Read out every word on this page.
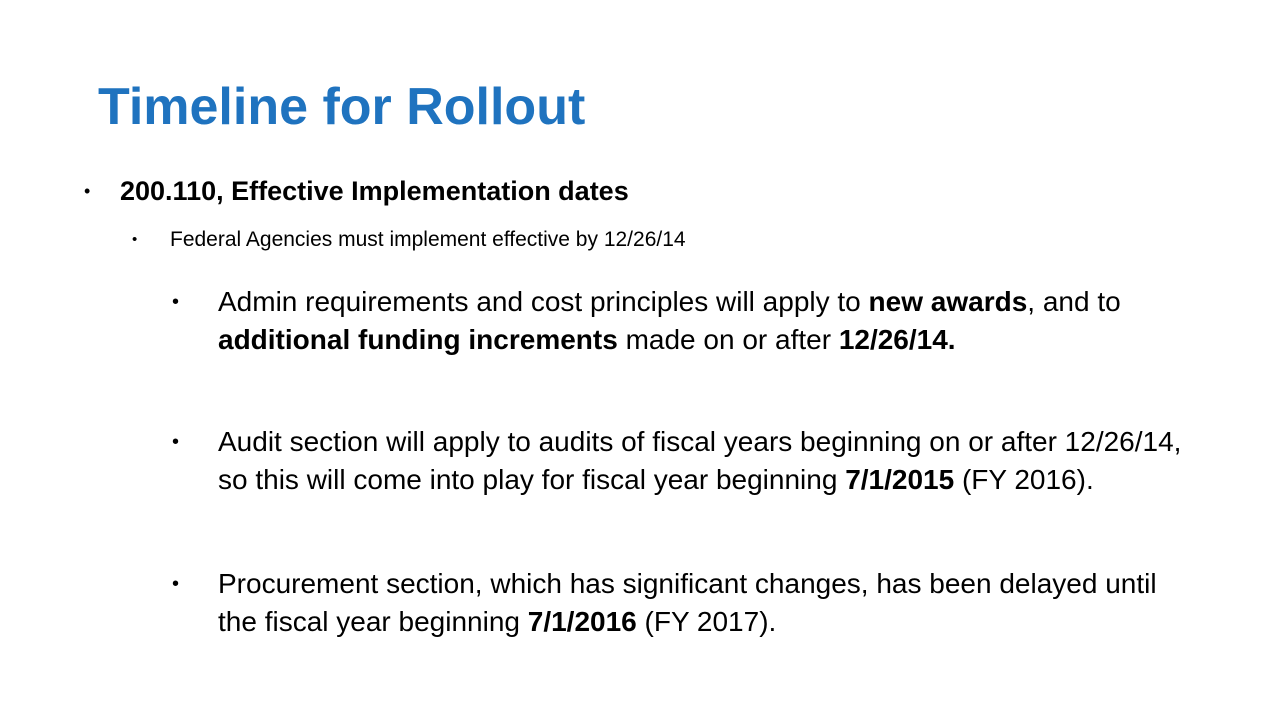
Timeline for Rollout
•	200.110, Effective Implementation dates
•	Federal Agencies must implement effective by 12/26/14
•	Admin requirements and cost principles will apply to new awards, and to additional funding increments made on or after 12/26/14.
•	Audit section will apply to audits of fiscal years beginning on or after 12/26/14, so this will come into play for fiscal year beginning 7/1/2015 (FY 2016).
•	Procurement section, which has significant changes, has been delayed until the fiscal year beginning 7/1/2016 (FY 2017).
